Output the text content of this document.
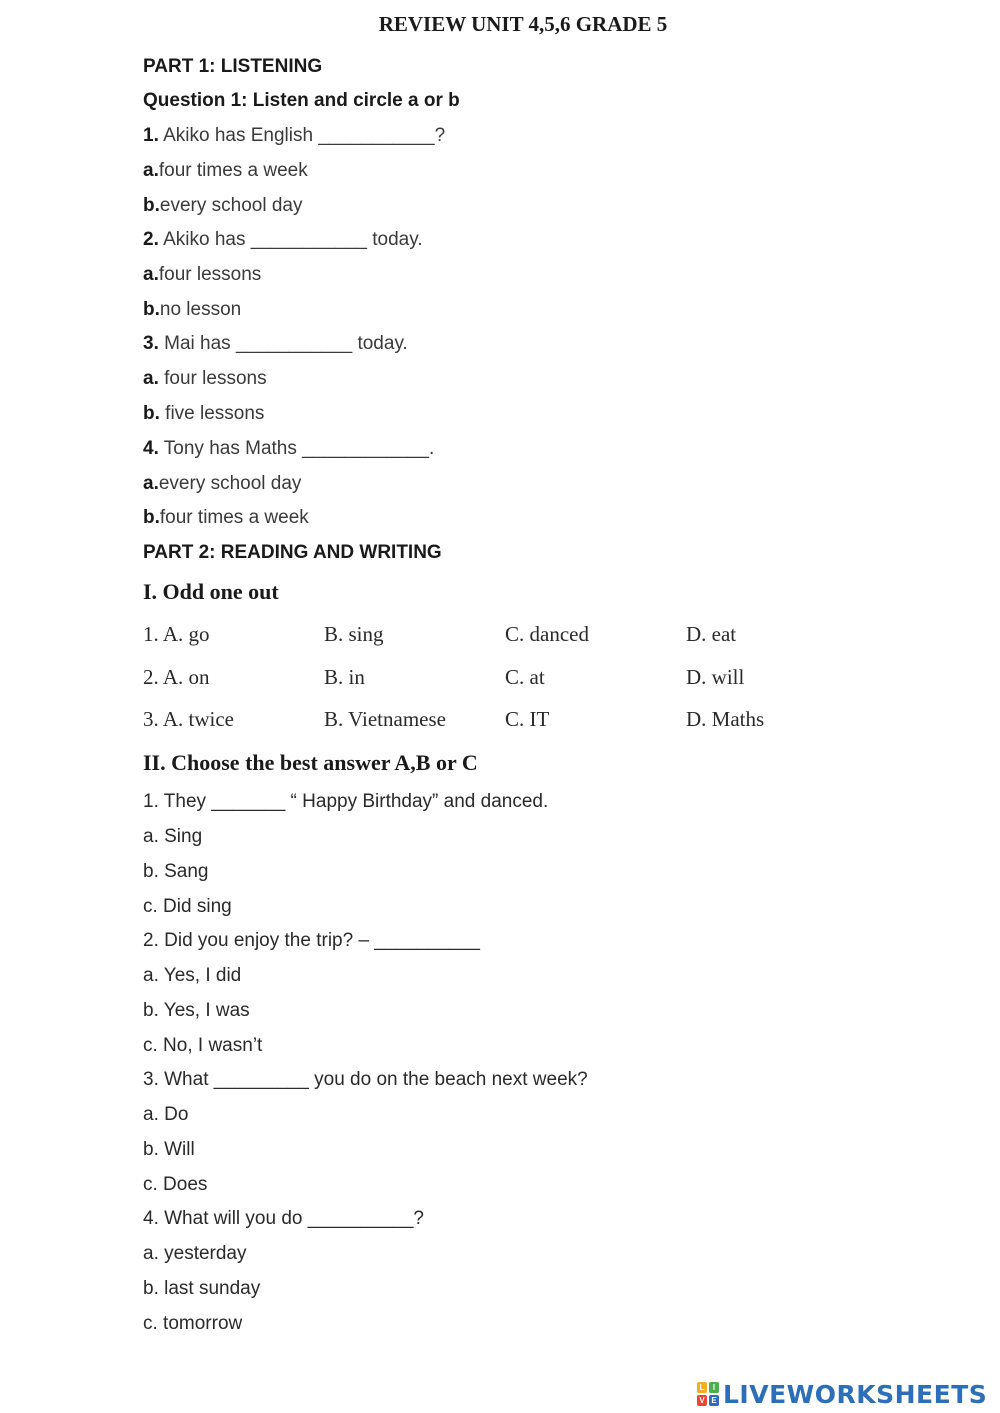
REVIEW UNIT 4,5,6 GRADE 5
PART 1: LISTENING
Question 1: Listen and circle a or b
1. Akiko has English ___________?
a.four times a week
b.every school day
2. Akiko has ___________ today.
a.four lessons
b.no lesson
3. Mai has ___________ today.
a. four lessons
b. five lessons
4. Tony has Maths ____________.
a.every school day
b.four times a week
PART 2: READING AND WRITING
I. Odd one out
1. A. go	B. sing	C. danced	D. eat
2. A. on	B. in	C. at	D. will
3. A. twice	B. Vietnamese	C. IT	D. Maths
II. Choose the best answer A,B or C
1. They _______ “ Happy Birthday” and danced.
a. Sing
b. Sang
c. Did sing
2. Did you enjoy the trip? – __________
a. Yes, I did
b. Yes, I was
c. No, I wasn’t
3. What _________ you do on the beach next week?
a. Do
b. Will
c. Does
4. What will you do __________?
a. yesterday
b. last sunday
c. tomorrow
L	I
V E LIVEWORKSHEETS
